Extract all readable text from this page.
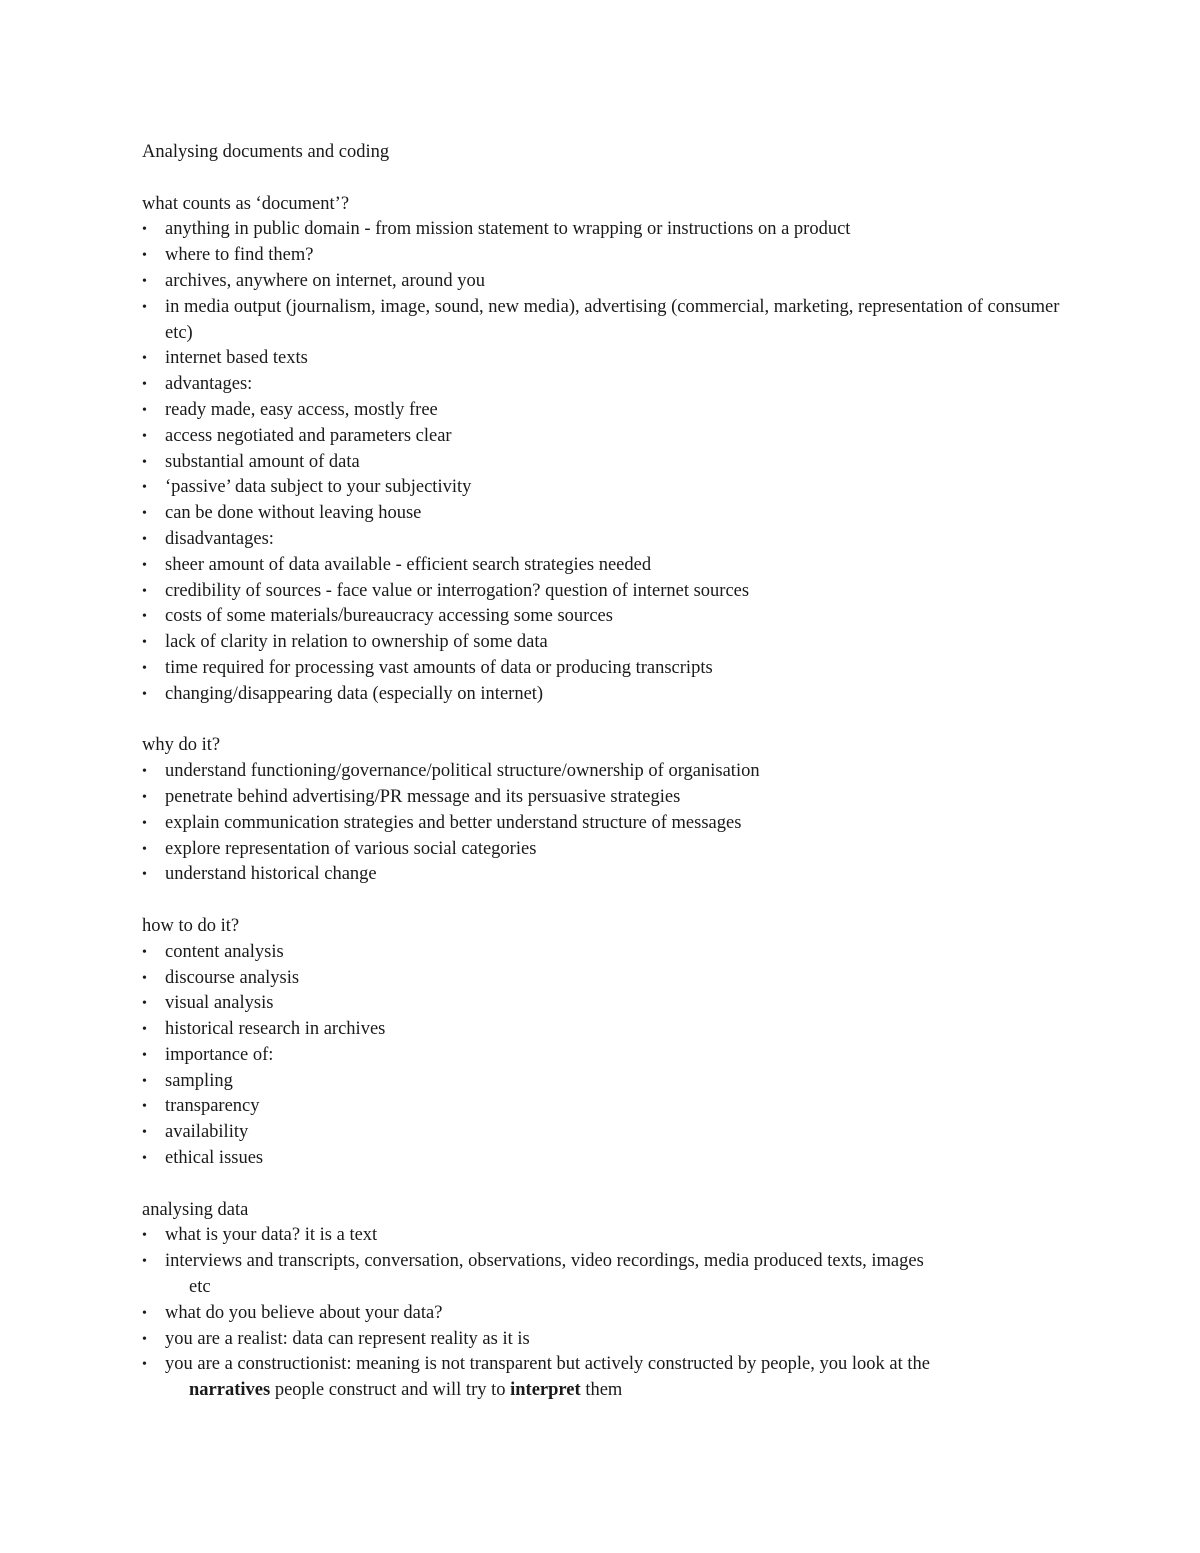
Analysing documents and coding

what counts as ‘document’?

• anything in public domain - from mission statement to wrapping or instructions on a product
• where to find them?
• archives, anywhere on internet, around you
• in media output (journalism, image, sound, new media), advertising (commercial, marketing, representation of consumer etc)
• internet based texts
• advantages:
• ready made, easy access, mostly free
• access negotiated and parameters clear
• substantial amount of data
• ‘passive’ data subject to your subjectivity
• can be done without leaving house
• disadvantages:
• sheer amount of data available - efficient search strategies needed
• credibility of sources - face value or interrogation? question of internet sources
• costs of some materials/bureaucracy accessing some sources
• lack of clarity in relation to ownership of some data
• time required for processing vast amounts of data or producing transcripts
• changing/disappearing data (especially on internet)

why do it?

• understand functioning/governance/political structure/ownership of organisation
• penetrate behind advertising/PR message and its persuasive strategies
• explain communication strategies and better understand structure of messages
• explore representation of various social categories
• understand historical change

how to do it?

• content analysis
• discourse analysis
• visual analysis
• historical research in archives
• importance of:
• sampling
• transparency
• availability
• ethical issues

analysing data

• what is your data? it is a text
• interviews and transcripts, conversation, observations, video recordings, media produced texts, images
etc
• what do you believe about your data?
• you are a realist: data can represent reality as it is
• you are a constructionist: meaning is not transparent but actively constructed by people, you look at the
narratives people construct and will try to interpret them
